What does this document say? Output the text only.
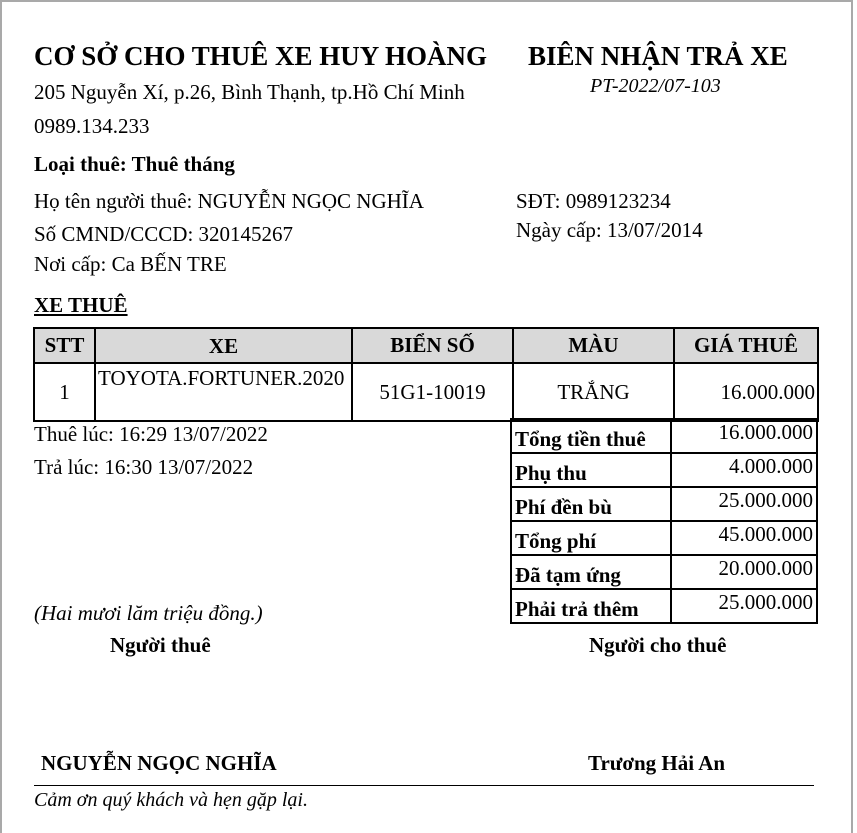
CƠ SỞ CHO THUÊ XE HUY HOÀNG BIÊN NHẬN TRẢ XE
PT-2022/07-103
205 Nguyễn Xí, p.26, Bình Thạnh, tp.Hồ Chí Minh
0989.134.233
Loại thuê: Thuê tháng
Họ tên người thuê: NGUYỄN NGỌC NGHĨA	SĐT: 0989123234
Số CMND/CCCD: 320145267	Ngày cấp: 13/07/2014
Nơi cấp: Ca BẾN TRE
XE THUÊ
STT	XE	BIỂN SỐ	MÀU	GIÁ THUÊ
1	TOYOTA.FORTUNER.2020	51G1-10019	TRẮNG	16.000.000
Thuê lúc: 16:29 13/07/2022
Trả lúc: 16:30 13/07/2022
Tổng tiền thuê	16.000.000
Phụ thu	4.000.000
Phí đền bù	25.000.000
Tổng phí	45.000.000
Đã tạm ứng	20.000.000
Phải trả thêm	25.000.000
(Hai mươi lăm triệu đồng.)
Người thuê	Người cho thuê
NGUYỄN NGỌC NGHĨA	Trương Hải An
Cảm ơn quý khách và hẹn gặp lại.
